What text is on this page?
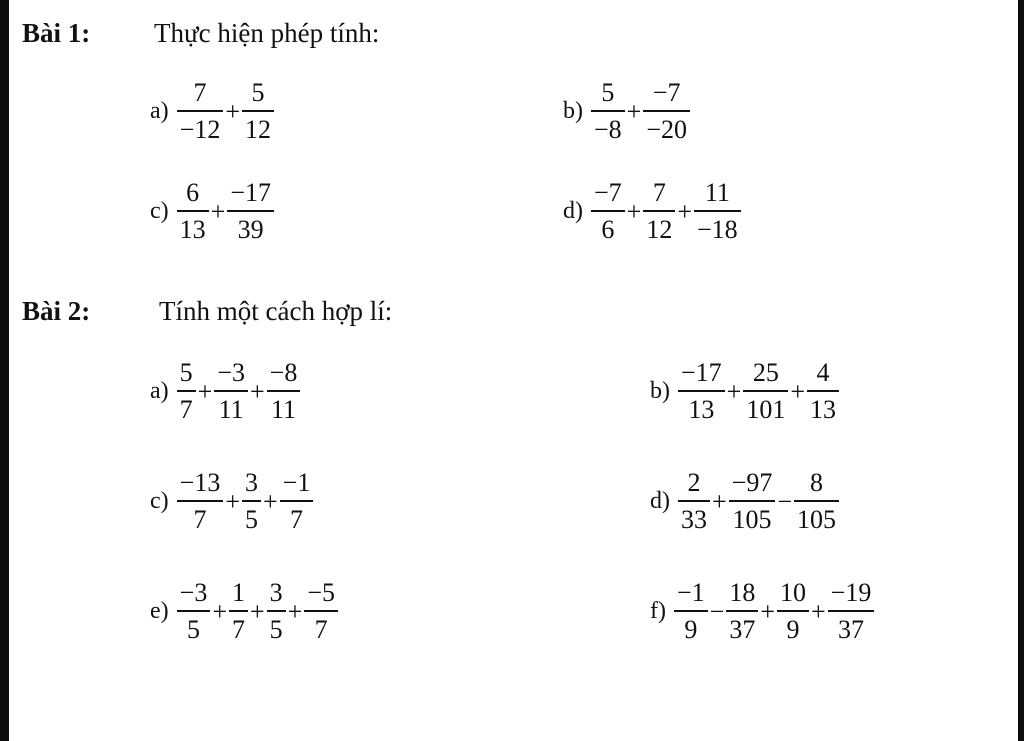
Bài 1: Thực hiện phép tính:
$a) \frac{7}{-12} + \frac{5}{12}$	$b) \frac{5}{-8} + \frac{-7}{-20}$
$c) \frac{6}{13} + \frac{-17}{39}$	$d) \frac{-7}{6} + \frac{7}{12} + \frac{11}{-18}$
Bài 2:	Tính một cách hợp lí:
$a) \frac{5}{7} + \frac{-3}{11} + \frac{-8}{11}$	$b) \frac{-17}{13} + \frac{25}{101} + \frac{4}{13}$
$c) \frac{-13}{7} + \frac{3}{5} + \frac{-1}{7}$	$d) \frac{2}{33} + \frac{-97}{105} - \frac{8}{105}$
$e) \frac{-3}{5} + \frac{1}{7} + \frac{3}{5} + \frac{-5}{7}$	$f) \frac{-1}{9} - \frac{18}{37} + \frac{10}{9} + \frac{-19}{37}$
